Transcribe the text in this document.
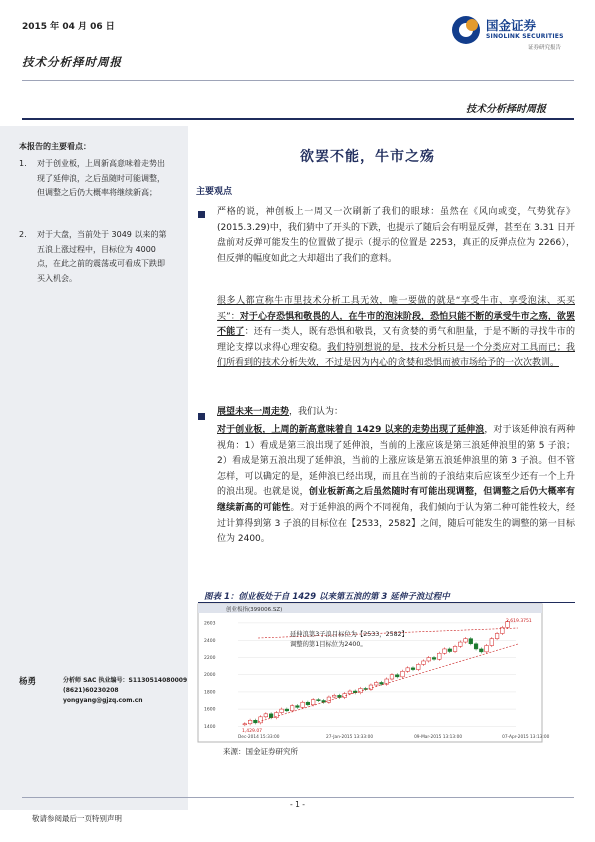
2015 年 04 月 06 日
技术分析择时周报
国金证券
SINOLINK SECURITIES
证券研究报告
技术分析择时周报
本报告的主要看点：
1. 对于创业板，上周新高意味着走势出现了延伸浪，之后虽随时可能调整，但调整之后仍大概率将继续新高；
2. 对于大盘，当前处于 3049 以来的第五浪上涨过程中，目标位为 4000 点，在此之前的震荡或可看成下跌即买入机会。
杨勇	分析师 SAC 执业编号：S1130514080009
(8621)60230208
yongyang@gjzq.com.cn
欲罢不能，牛市之殇
主要观点
严格的说，神创板上一周又一次刷新了我们的眼球：虽然在《风向或变，气势犹存》(2015.3.29)中，我们猜中了开头的下跌，也提示了随后会有明显反弹，甚至在 3.31 日开盘前对反弹可能发生的位置做了提示（提示的位置是 2253，真正的反弹点位为 2266），但反弹的幅度如此之大却超出了我们的意料。
很多人都宣称牛市里技术分析工具无效，唯一要做的就是“享受牛市、享受泡沫、买买买”：对于心存恐惧和敬畏的人，在牛市的泡沫阶段，恐怕只能不断的承受牛市之殇，欲罢不能了：还有一类人，既有恐惧和敬畏，又有贪婪的勇气和胆量，于是不断的寻找牛市的理论支撑以求得心理安稳。我们特别想说的是，技术分析只是一个分类应对工具而已；我们所看到的技术分析失效，不过是因为内心的贪婪和恐惧而被市场给予的一次次教训。
展望未来一周走势，我们认为：
对于创业板，上周的新高意味着自 1429 以来的走势出现了延伸浪，对于该延伸浪有两种视角：1）看成是第三浪出现了延伸浪，当前的上涨应该是第三浪延伸浪里的第 5 子浪；2）看成是第五浪出现了延伸浪，当前的上涨应该是第五浪延伸浪里的第 3 子浪。但不管怎样，可以确定的是，延伸浪已经出现，而且在当前的子浪结束后应该至少还有一个上升的浪出现。也就是说，创业板新高之后虽然随时有可能出现调整，但调整之后仍大概率有继续新高的可能性。对于延伸浪的两个不同视角，我们倾向于认为第二种可能性较大，经过计算得到第 3 子浪的目标位在【2533，2582】之间，随后可能发生的调整的第一目标位为 2400。
图表 1：创业板处于自 1429 以来第五浪的第 3 延伸子浪过程中
创业板指(399006.SZ)
2603
2400
2200
2000
1800
1600
1400
Dec-2014 15:33:00	27-Jan-2015 13:33:00	09-Mar-2015 13:13:00	07-Apr-2015 13:13:00
延伸浪第3子浪目标位为【2533，2582】
调整的第1目标位为2400。
2,619.3751
1,429.07
来源：国金证券研究所
- 1 -
敬请参阅最后一页特别声明
